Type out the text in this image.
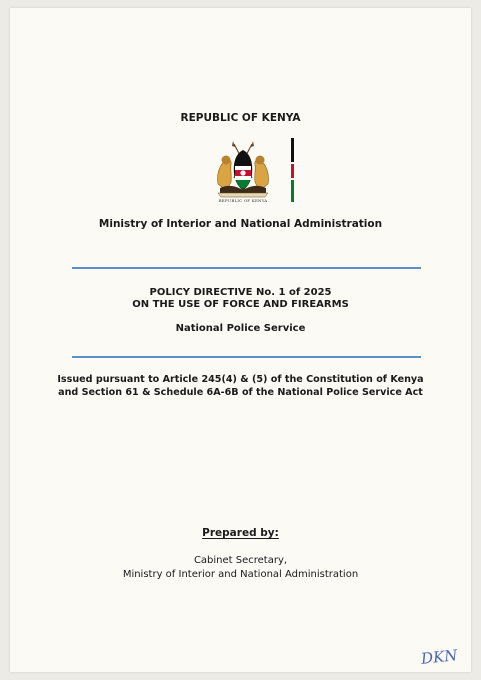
REPUBLIC OF KENYA
REPUBLIC OF KENYA
Ministry of Interior and National Administration
POLICY DIRECTIVE No. 1 of 2025
ON THE USE OF FORCE AND FIREARMS
National Police Service
Issued pursuant to Article 245(4) & (5) of the Constitution of Kenya
and Section 61 & Schedule 6A-6B of the National Police Service Act
Prepared by:
Cabinet Secretary,
Ministry of Interior and National Administration
DKN
